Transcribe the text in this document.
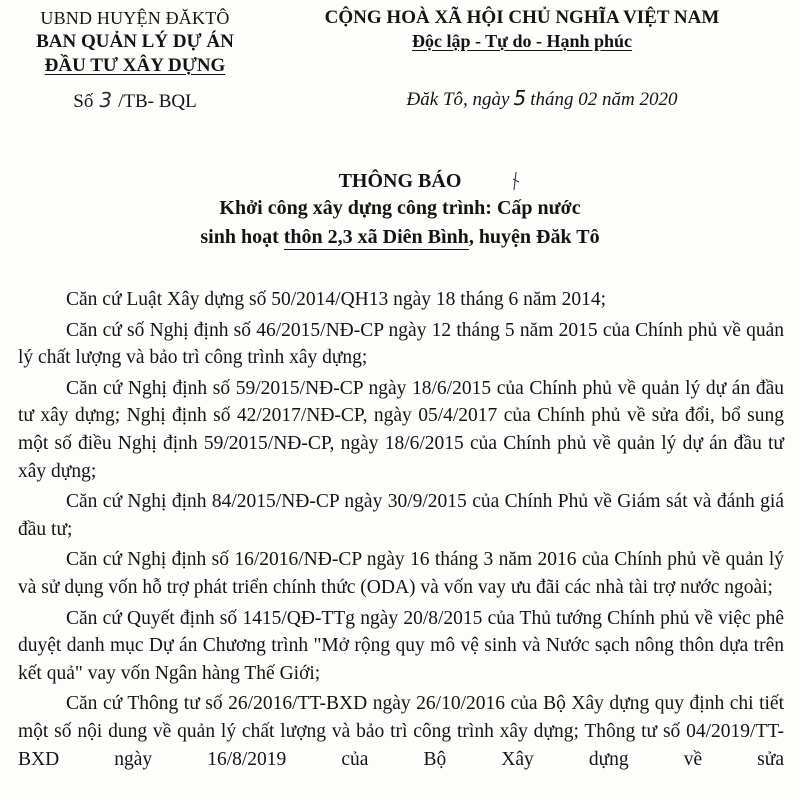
UBND HUYỆN ĐĂKTÔ
BAN QUẢN LÝ DỰ ÁN
ĐẦU TƯ XÂY DỰNG
Số 3 /TB- BQL
CỘNG HOÀ XÃ HỘI CHỦ NGHĨA VIỆT NAM
Độc lập - Tự do - Hạnh phúc
Đăk Tô, ngày 5 tháng 02 năm 2020
THÔNG BÁO
Khởi công xây dựng công trình: Cấp nước
sinh hoạt thôn 2,3 xã Diên Bình, huyện Đăk Tô

Căn cứ Luật Xây dựng số 50/2014/QH13 ngày 18 tháng 6 năm 2014;

Căn cứ số Nghị định số 46/2015/NĐ-CP ngày 12 tháng 5 năm 2015 của Chính phủ về quản lý chất lượng và bảo trì công trình xây dựng;

Căn cứ Nghị định số 59/2015/NĐ-CP ngày 18/6/2015 của Chính phủ về quản lý dự án đầu tư xây dựng; Nghị định số 42/2017/NĐ-CP, ngày 05/4/2017 của Chính phủ về sửa đổi, bổ sung một số điều Nghị định 59/2015/NĐ-CP, ngày 18/6/2015 của Chính phủ về quản lý dự án đầu tư xây dựng;

Căn cứ Nghị định 84/2015/NĐ-CP ngày 30/9/2015 của Chính Phủ về Giám sát và đánh giá đầu tư;

Căn cứ Nghị định số 16/2016/NĐ-CP ngày 16 tháng 3 năm 2016 của Chính phủ về quản lý và sử dụng vốn hỗ trợ phát triển chính thức (ODA) và vốn vay ưu đãi các nhà tài trợ nước ngoài;

Căn cứ Quyết định số 1415/QĐ-TTg ngày 20/8/2015 của Thủ tướng Chính phủ về việc phê duyệt danh mục Dự án Chương trình "Mở rộng quy mô vệ sinh và Nước sạch nông thôn dựa trên kết quả" vay vốn Ngân hàng Thế Giới;

Căn cứ Thông tư số 26/2016/TT-BXD ngày 26/10/2016 của Bộ Xây dựng quy định chi tiết một số nội dung về quản lý chất lượng và bảo trì công trình xây dựng; Thông tư số 04/2019/TT-BXD ngày 16/8/2019 của Bộ Xây dựng về sửa
